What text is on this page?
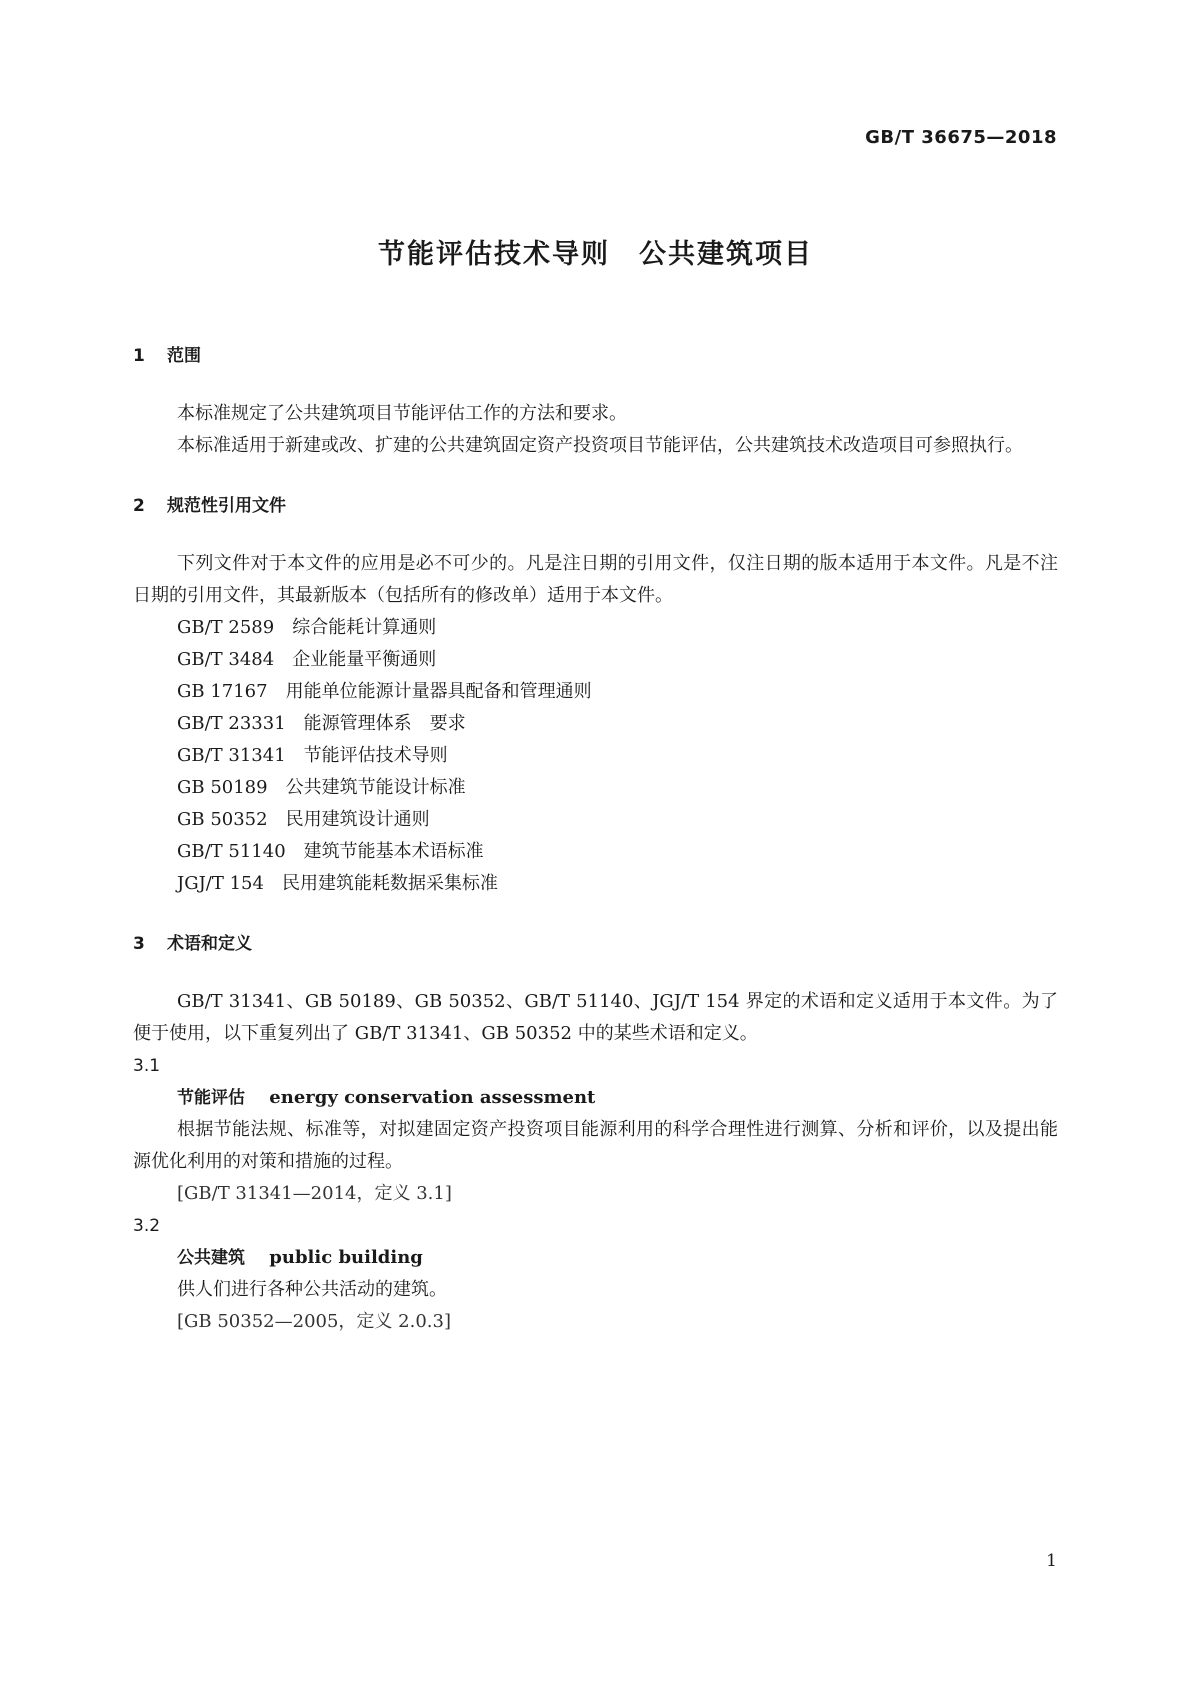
GB/T 36675—2018
节能评估技术导则　公共建筑项目
1 范围

本标准规定了公共建筑项目节能评估工作的方法和要求。

本标准适用于新建或改、扩建的公共建筑固定资产投资项目节能评估，公共建筑技术改造项目可参照执行。

2 规范性引用文件

下列文件对于本文件的应用是必不可少的。凡是注日期的引用文件，仅注日期的版本适用于本文件。凡是不注日期的引用文件，其最新版本（包括所有的修改单）适用于本文件。

GB/T 2589　综合能耗计算通则
GB/T 3484　企业能量平衡通则
GB 17167　用能单位能源计量器具配备和管理通则
GB/T 23331　能源管理体系　要求
GB/T 31341　节能评估技术导则
GB 50189　公共建筑节能设计标准
GB 50352　民用建筑设计通则
GB/T 51140　建筑节能基本术语标准
JGJ/T 154　民用建筑能耗数据采集标准
3 术语和定义

GB/T 31341、GB 50189、GB 50352、GB/T 51140、JGJ/T 154 界定的术语和定义适用于本文件。为了便于使用，以下重复列出了 GB/T 31341、GB 50352 中的某些术语和定义。

3.1
节能评估　 energy conservation assessment

根据节能法规、标准等，对拟建固定资产投资项目能源利用的科学合理性进行测算、分析和评价，以及提出能源优化利用的对策和措施的过程。

[GB/T 31341—2014，定义 3.1]
3.2
公共建筑　 public building

供人们进行各种公共活动的建筑。

[GB 50352—2005，定义 2.0.3]
1
